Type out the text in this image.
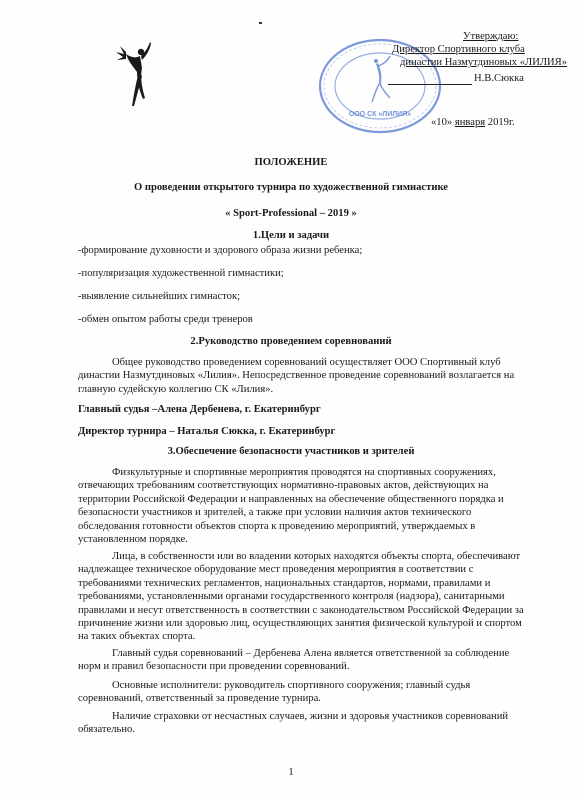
ООО СК «ЛИЛИЯ»
Утверждаю:
Директор Спортивного клуба
династии Назмутдиновых «ЛИЛИЯ»
Н.В.Сюкка
«10» января 2019г.
ПОЛОЖЕНИЕ
О проведении открытого турнира по художественной гимнастике
« Sport-Professional – 2019 »
1.Цели и задачи
-формирование духовности и здорового образа жизни ребенка;
-популяризация художественной гимнастики;
-выявление сильнейших гимнасток;
-обмен опытом работы среди тренеров
2.Руководство проведением соревнований
Общее руководство проведением соревнований осуществляет ООО Спортивный клуб
династии Назмутдиновых «Лилия». Непосредственное проведение соревнований возлагается на
главную судейскую коллегию СК «Лилия».
Главный судья –Алена Дербенева, г. Екатеринбург
Директор турнира – Наталья Сюкка, г. Екатеринбург
3.Обеспечение безопасности участников и зрителей
Физкультурные и спортивные мероприятия проводятся на спортивных сооружениях,
отвечающих требованиям соответствующих нормативно-правовых актов, действующих на
территории Российской Федерации и направленных на обеспечение общественного порядка и
безопасности участников и зрителей, а также при условии наличия актов технического
обследования готовности объектов спорта к проведению мероприятий, утверждаемых в
установленном порядке.
Лица, в собственности или во владении которых находятся объекты спорта, обеспечивают
надлежащее техническое оборудование мест проведения мероприятия в соответствии с
требованиями технических регламентов, национальных стандартов, нормами, правилами и
требованиями, установленными органами государственного контроля (надзора), санитарными
правилами и несут ответственность в соответствии с законодательством Российской Федерации за
причинение жизни или здоровью лиц, осуществляющих занятия физической культурой и спортом
на таких объектах спорта.
Главный судья соревнований – Дербенева Алена является ответственной за соблюдение
норм и правил безопасности при проведении соревнований.
Основные исполнители: руководитель спортивного сооружения; главный судья
соревнований, ответственный за проведение турнира.
Наличие страховки от несчастных случаев, жизни и здоровья участников соревнований
обязательно.
1
